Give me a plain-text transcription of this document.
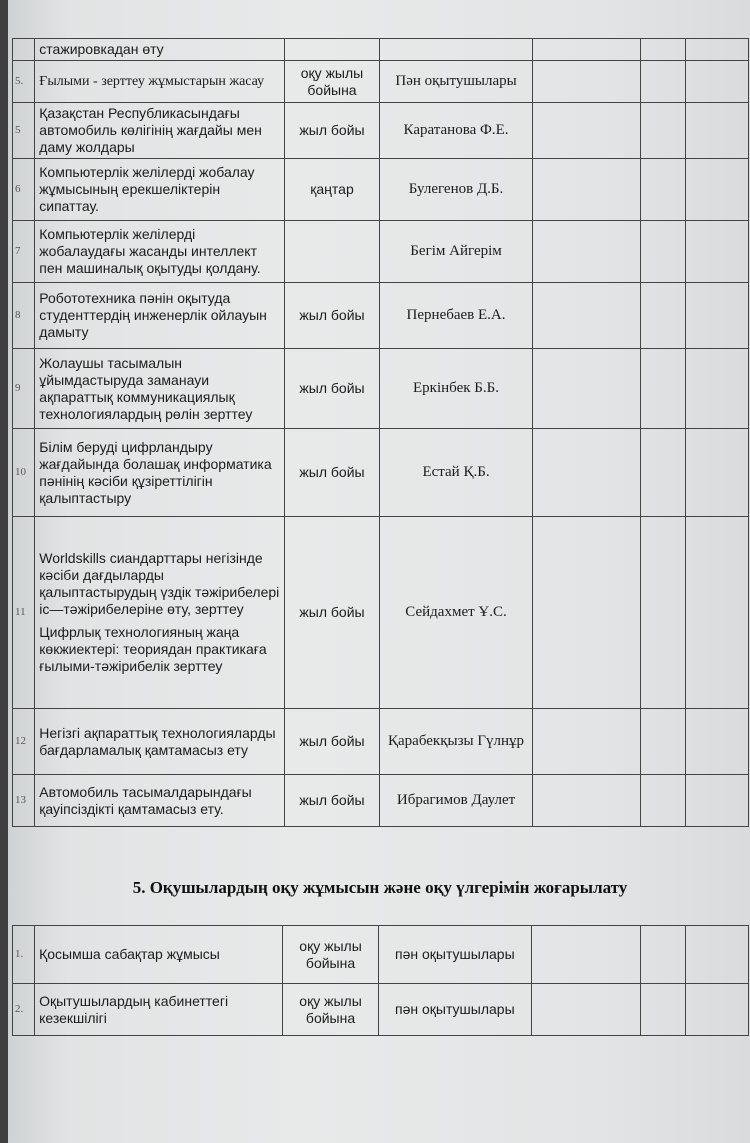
	стажировкадан өту					

5.	Ғылыми - зерттеу жұмыстарын жасау	оқу жылы бойына	Пән оқытушылары			
5	Қазақстан Республикасындағы автомобиль көлігінің жағдайы мен даму жолдары	жыл бойы	Каратанова Ф.Е.			
6	Компьютерлік желілерді жобалау жұмысының ерекшеліктерін сипаттау.	қаңтар	Булегенов Д.Б.			
7	Компьютерлік желілерді жобалаудағы жасанды интеллект пен машиналық оқытуды қолдану.		Бегім Айгерім			
8	Робототехника пәнін оқытуда студенттердің инженерлік ойлауын дамыту	жыл бойы	Пернебаев Е.А.			
9	Жолаушы тасымалын ұйымдастыруда заманауи ақпараттық коммуникациялық технологиялардың рөлін зерттеу	жыл бойы	Еркінбек Б.Б.			
10	Білім беруді цифрландыру жағдайында болашақ информатика пәнінің кәсіби құзіреттілігін қалыптастыру	жыл бойы	Естай Қ.Б.			
11	Worldskills сиандарттары негізінде кәсіби дағдыларды қалыптастырудың үздік тәжірибелері іс—тәжірибелеріне өту, зерттеу
Цифрлық технологияның жаңа көкжиектері: теориядан практикаға ғылыми-тәжірибелік зерттеу	жыл бойы	Сейдахмет Ұ.С.			
12	Негізгі ақпараттық технологияларды бағдарламалық қамтамасыз ету	жыл бойы	Қарабекқызы Гүлнұр			
13	Автомобиль тасымалдарындағы қауіпсіздікті қамтамасыз ету.	жыл бойы	Ибрагимов Даулет			
5. Оқушылардың оқу жұмысын және оқу үлгерімін жоғарылату
1.	Қосымша сабақтар жұмысы	оқу жылы бойына	пән оқытушылары			
2.	Оқытушылардың кабинеттегі кезекшілігі	оқу жылы бойына	пән оқытушылары			
